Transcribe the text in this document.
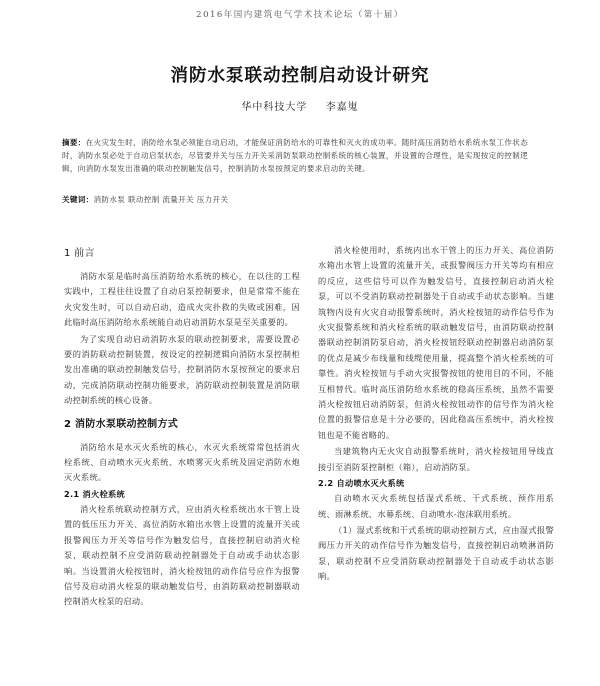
2016年国内建筑电气学术技术论坛（第十届）
消防水泵联动控制启动设计研究
华中科技大学 李嘉嵬
摘要：在火灾发生时，消防给水泵必须能自动启动，才能保证消防给水的可靠性和灭火的成功率。随时高压消防给水系统水泵工作状态时，消防水泵必处于自动启泵状态，尽管要并关与压力开关采消防泵联动控制系统的核心装置，并设置的合理性，是实现按定的控制逻辑，向消防水泵发出准确的联动控制触发信号，控制消防水泵按预定的要求启动的关键。
关键词：消防水泵 联动控制 流量开关 压力开关
1 前言

消防水泵是临时高压消防给水系统的核心，在以往的工程实践中，工程往往设置了自动启泵控制要求，但是常常不能在火灾发生时，可以自动启动，造成火灾扑救的失败或困难，因此临时高压消防给水系统能自动启动消防水泵是至关重要的。

为了实现自动启动消防水泵的联动控制要求，需要设置必要的消防联动控制装置，按设定的控制逻辑向消防水泵控制柜发出准确的联动控制触发信号，控制消防水泵按预定的要求启动，完成消防联动控制功能要求，消防联动控制装置是消防联动控制系统的核心设备。

2 消防水泵联动控制方式

消防给水是水灭火系统的核心，水灭火系统常常包括消火栓系统、自动喷水灭火系统、水喷雾灭火系统及固定消防水炮灭火系统。

2.1 消火栓系统

消火栓系统联动控制方式，应由消火栓系统出水干管上设置的低压压力开关、高位消防水箱出水管上设置的流量开关或报警阀压力开关等信号作为触发信号，直接控制启动消火栓泵，联动控制不应受消防联动控制器处于自动或手动状态影响。当设置消火栓按钮时，消火栓按钮的动作信号应作为报警信号及启动消火栓泵的联动触发信号，由消防联动控制器联动控制消火栓泵的启动。

消火栓使用时，系统内出水干管上的压力开关、高位消防水箱出水管上设置的流量开关，或报警阀压力开关等均有相应的反应，这些信号可以作为触发信号，直接控制启动消火栓泵，可以不受消防联动控制器处于自动或手动状态影响。当建筑物内设有火灾自动报警系统时，消火栓按钮的动作信号作为火灾报警系统和消火栓系统的联动触发信号，由消防联动控制器联动控制消防泵启动，消火栓按钮经联动控制器启动消防泵的优点是减少布线量和线缆使用量，提高整个消火栓系统的可靠性。消火栓按钮与手动火灾报警按钮的使用目的不同，不能互相替代。临时高压消防给水系统的稳高压系统，虽然不需要消火栓按钮启动消防泵，但消火栓按钮动作的信号作为消火栓位置的报警信息是十分必要的，因此稳高压系统中，消火栓按钮也是不能省略的。

当建筑物内无火灾自动报警系统时，消火栓按钮用导线直接引至消防泵控制柜（箱），启动消防泵。

2.2 自动喷水灭火系统

自动喷水灭火系统包括湿式系统、干式系统、预作用系统、雨淋系统、水幕系统、自动喷水-泡沫联用系统。

（1）湿式系统和干式系统的联动控制方式，应由湿式报警阀压力开关的动作信号作为触发信号，直接控制启动喷淋消防泵，联动控制不应受消防联动控制器处于自动或手动状态影响。
